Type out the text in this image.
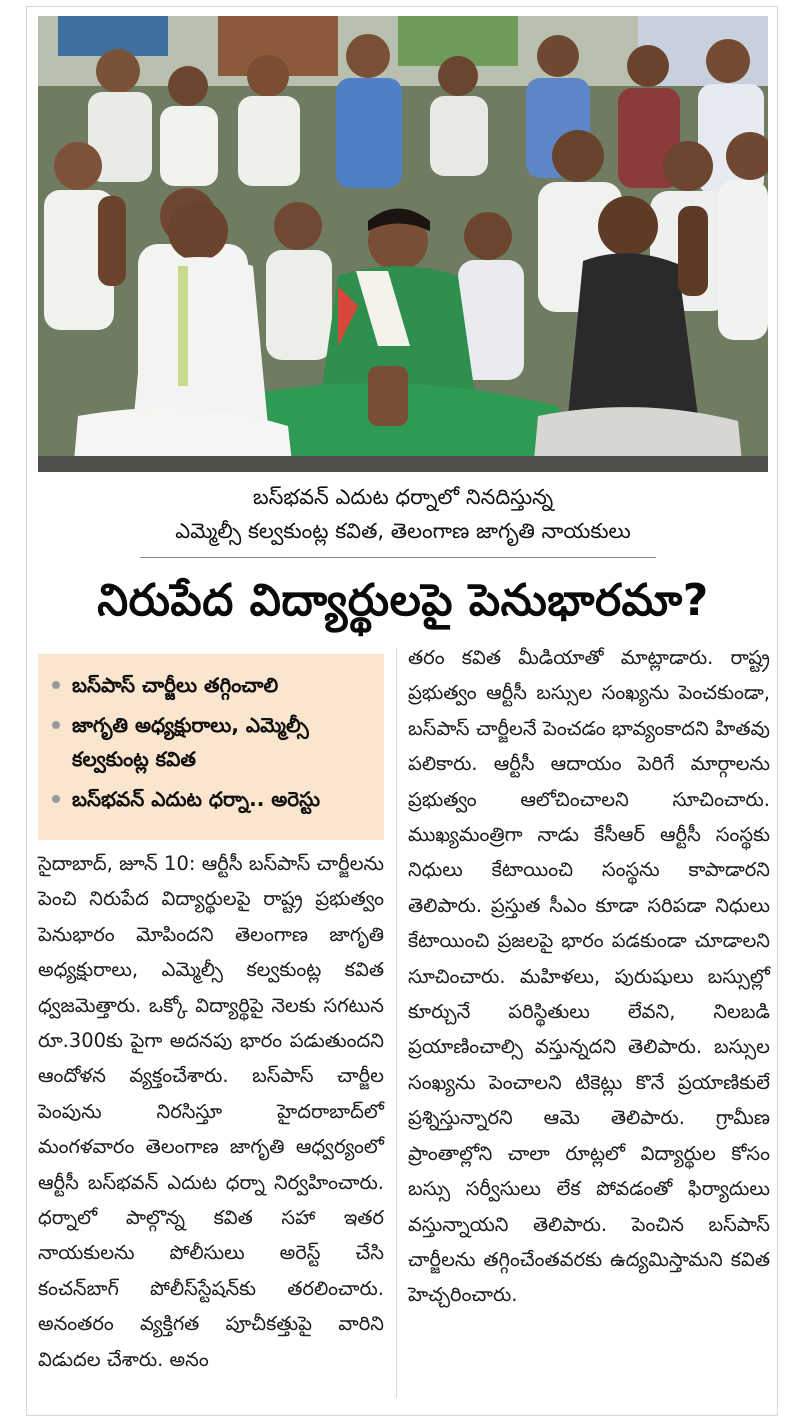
బస్‌భవన్ ఎదుట ధర్నాలో నినదిస్తున్న
ఎమ్మెల్సీ కల్వకుంట్ల కవిత, తెలంగాణ జాగృతి నాయకులు
నిరుపేద విద్యార్థులపై పెనుభారమా?
బస్‌పాస్ చార్జీలు తగ్గించాలి
జాగృతి అధ్యక్షురాలు, ఎమ్మెల్సీ కల్వకుంట్ల కవిత
బస్‌భవన్ ఎదుట ధర్నా.. అరెస్టు
సైదాబాద్, జూన్ 10: ఆర్టీసీ బస్‌పాస్ చార్జీలను పెంచి నిరుపేద విద్యార్థులపై రాష్ట్ర ప్రభుత్వం పెనుభారం మోపిందని తెలంగాణ జాగృతి అధ్యక్షురాలు, ఎమ్మెల్సీ కల్వకుంట్ల కవిత ధ్వజమెత్తారు. ఒక్కో విద్యార్థిపై నెలకు సగటున రూ.300కు పైగా అదనపు భారం పడుతుందని ఆందోళన వ్యక్తంచేశారు. బస్‌పాస్ చార్జీల పెంపును నిరసిస్తూ హైదరాబాద్‌లో మంగళవారం తెలంగాణ జాగృతి ఆధ్వర్యంలో ఆర్టీసీ బస్‌భవన్ ఎదుట ధర్నా నిర్వహించారు. ధర్నాలో పాల్గొన్న కవిత సహా ఇతర నాయకులను పోలీసులు అరెస్ట్ చేసి కంచన్‌బాగ్ పోలీస్‌స్టేషన్‌కు తరలించారు. అనంతరం వ్యక్తిగత పూచీకత్తుపై వారిని విడుదల చేశారు. అనం
తరం కవిత మీడియాతో మాట్లాడారు. రాష్ట్ర ప్రభుత్వం ఆర్టీసీ బస్సుల సంఖ్యను పెంచకుండా, బస్‌పాస్ చార్జీలనే పెంచడం భావ్యంకాదని హితవు పలికారు. ఆర్టీసీ ఆదాయం పెరిగే మార్గాలను ప్రభుత్వం ఆలోచించాలని సూచించారు. ముఖ్యమంత్రిగా నాడు కేసీఆర్ ఆర్టీసీ సంస్థకు నిధులు కేటాయించి సంస్థను కాపాడారని తెలిపారు. ప్రస్తుత సీఎం కూడా సరిపడా నిధులు కేటాయించి ప్రజలపై భారం పడకుండా చూడాలని సూచించారు. మహిళలు, పురుషులు బస్సుల్లో కూర్చునే పరిస్థితులు లేవని, నిలబడి ప్రయాణించాల్సి వస్తున్నదని తెలిపారు. బస్సుల సంఖ్యను పెంచాలని టికెట్లు కొనే ప్రయాణికులే ప్రశ్నిస్తున్నారని ఆమె తెలిపారు. గ్రామీణ ప్రాంతాల్లోని చాలా రూట్లలో విద్యార్థుల కోసం బస్సు సర్వీసులు లేక పోవడంతో ఫిర్యాదులు వస్తున్నాయని తెలిపారు. పెంచిన బస్‌పాస్ చార్జీలను తగ్గించేంతవరకు ఉద్యమిస్తామని కవిత హెచ్చరించారు.
